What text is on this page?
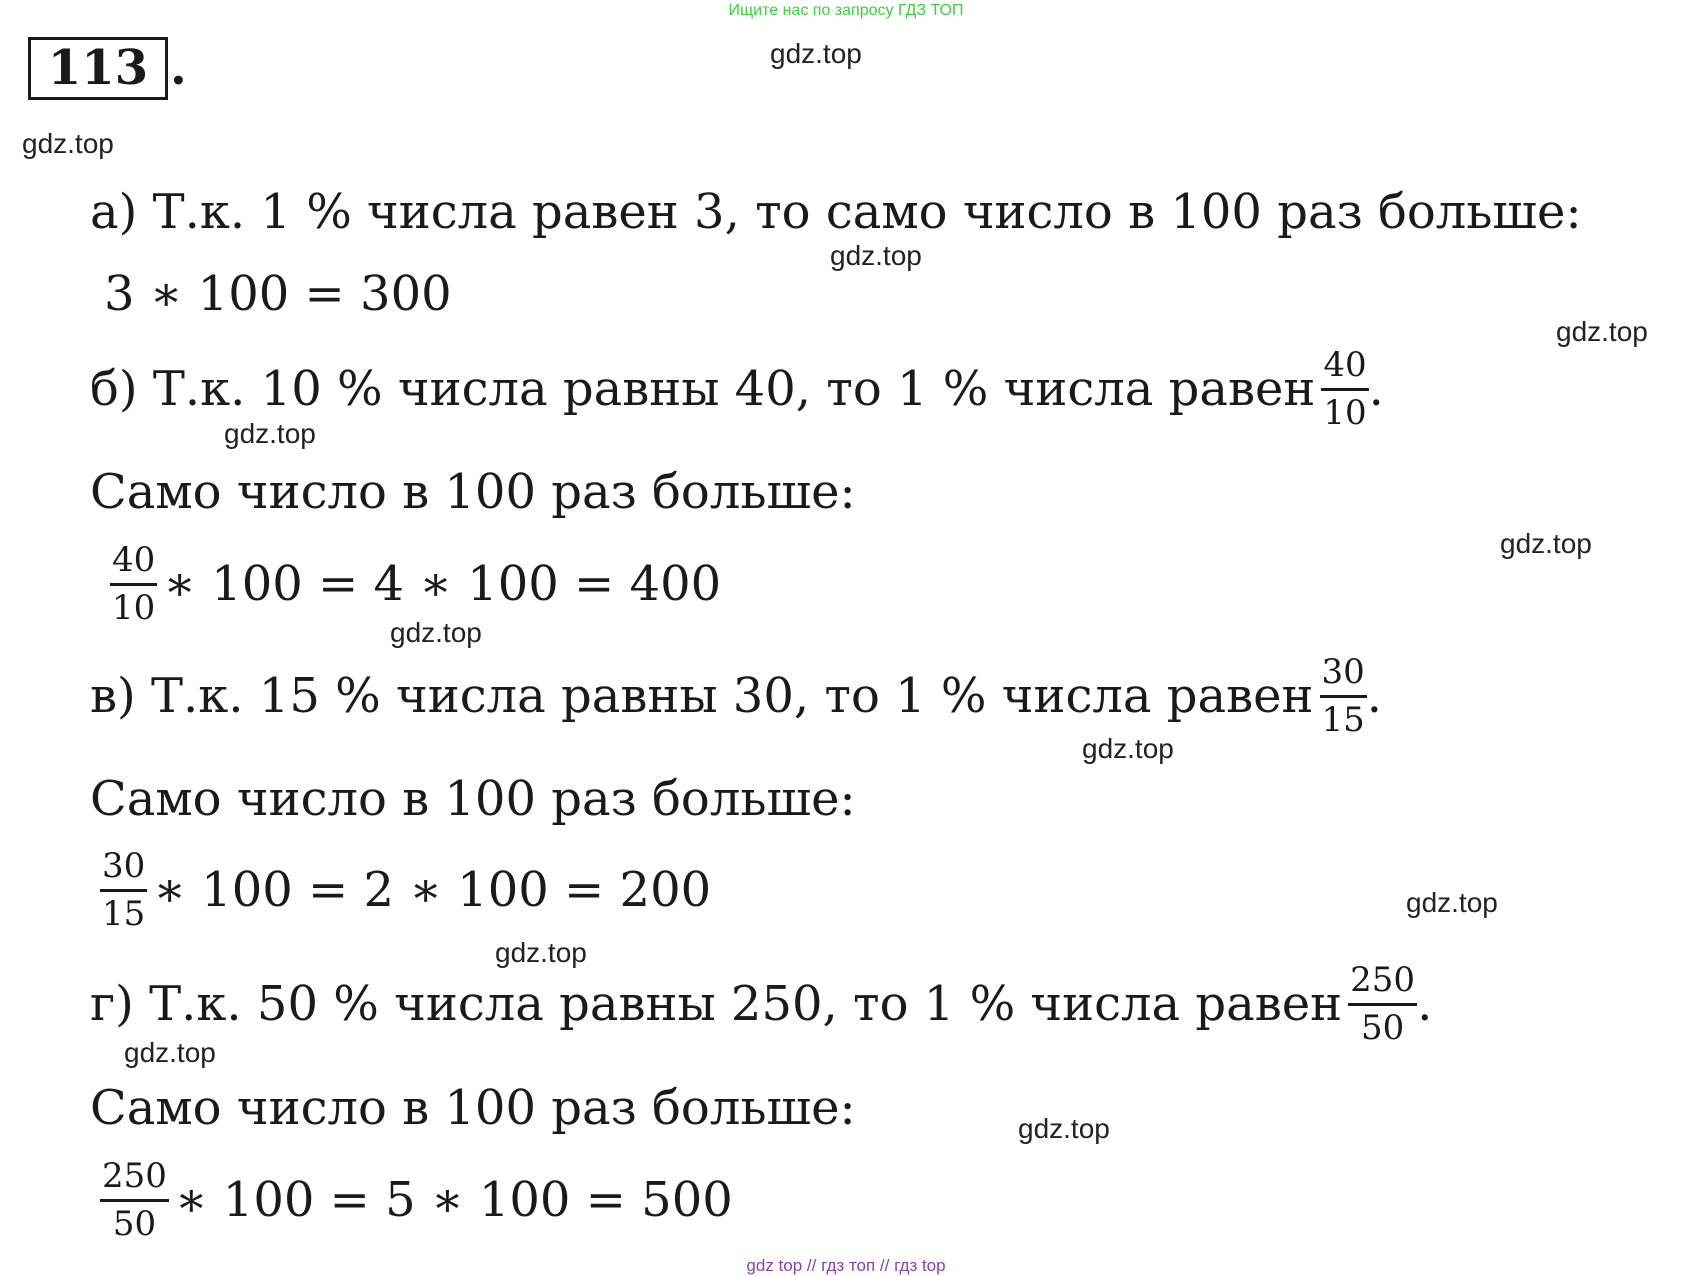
Ищите нас по запросу ГДЗ ТОП
113 .	gdz.top
gdz.top
gdz.top
gdz.top
gdz.top
gdz.top
gdz.top
gdz.top
gdz.top
gdz.top
gdz.top
gdz.top
а) Т.к. 1 % числа равен 3, то само число в 100 раз больше:
3 ∗ 100 = 300
б) Т.к. 10 % числа равны 40, то 1 % числа равен $\frac{40}{10}$ .
Само число в 100 раз больше:
$\frac{40}{10}$ ∗ 100 = 4 ∗ 100 = 400
в) Т.к. 15 % числа равны 30, то 1 % числа равен $\frac{30}{15}$ .
Само число в 100 раз больше:
$\frac{30}{15}$ ∗ 100 = 2 ∗ 100 = 200
г) Т.к. 50 % числа равны 250, то 1 % числа равен $\frac{250}{50}$ .
Само число в 100 раз больше:
$\frac{250}{50}$ ∗ 100 = 5 ∗ 100 = 500
gdz top // гдз топ // гдз top
